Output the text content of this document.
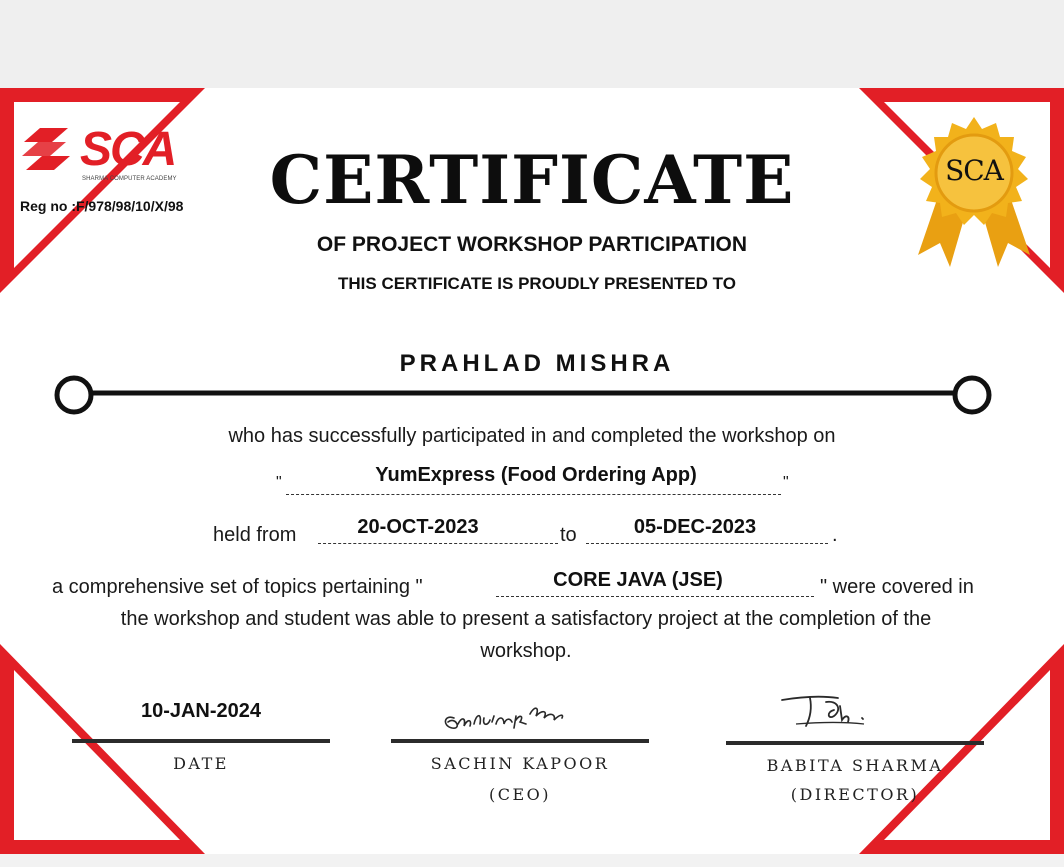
SCA
SHARMA COMPUTER ACADEMY
Reg no :F/978/98/10/X/98
SCA
CERTIFICATE
OF PROJECT WORKSHOP PARTICIPATION
THIS CERTIFICATE IS PROUDLY PRESENTED TO
PRAHLAD MISHRA
who has successfully participated in and completed the workshop on
"	YumExpress (Food Ordering App)	"
held from	20-OCT-2023	to	05-DEC-2023	.
a comprehensive set of topics pertaining "	CORE JAVA (JSE)	" were covered in
the workshop and student was able to present a satisfactory project at the completion of the
workshop.
10-JAN-2024
DATE	SACHIN KAPOOR
(CEO)
BABITA SHARMA
(DIRECTOR)
